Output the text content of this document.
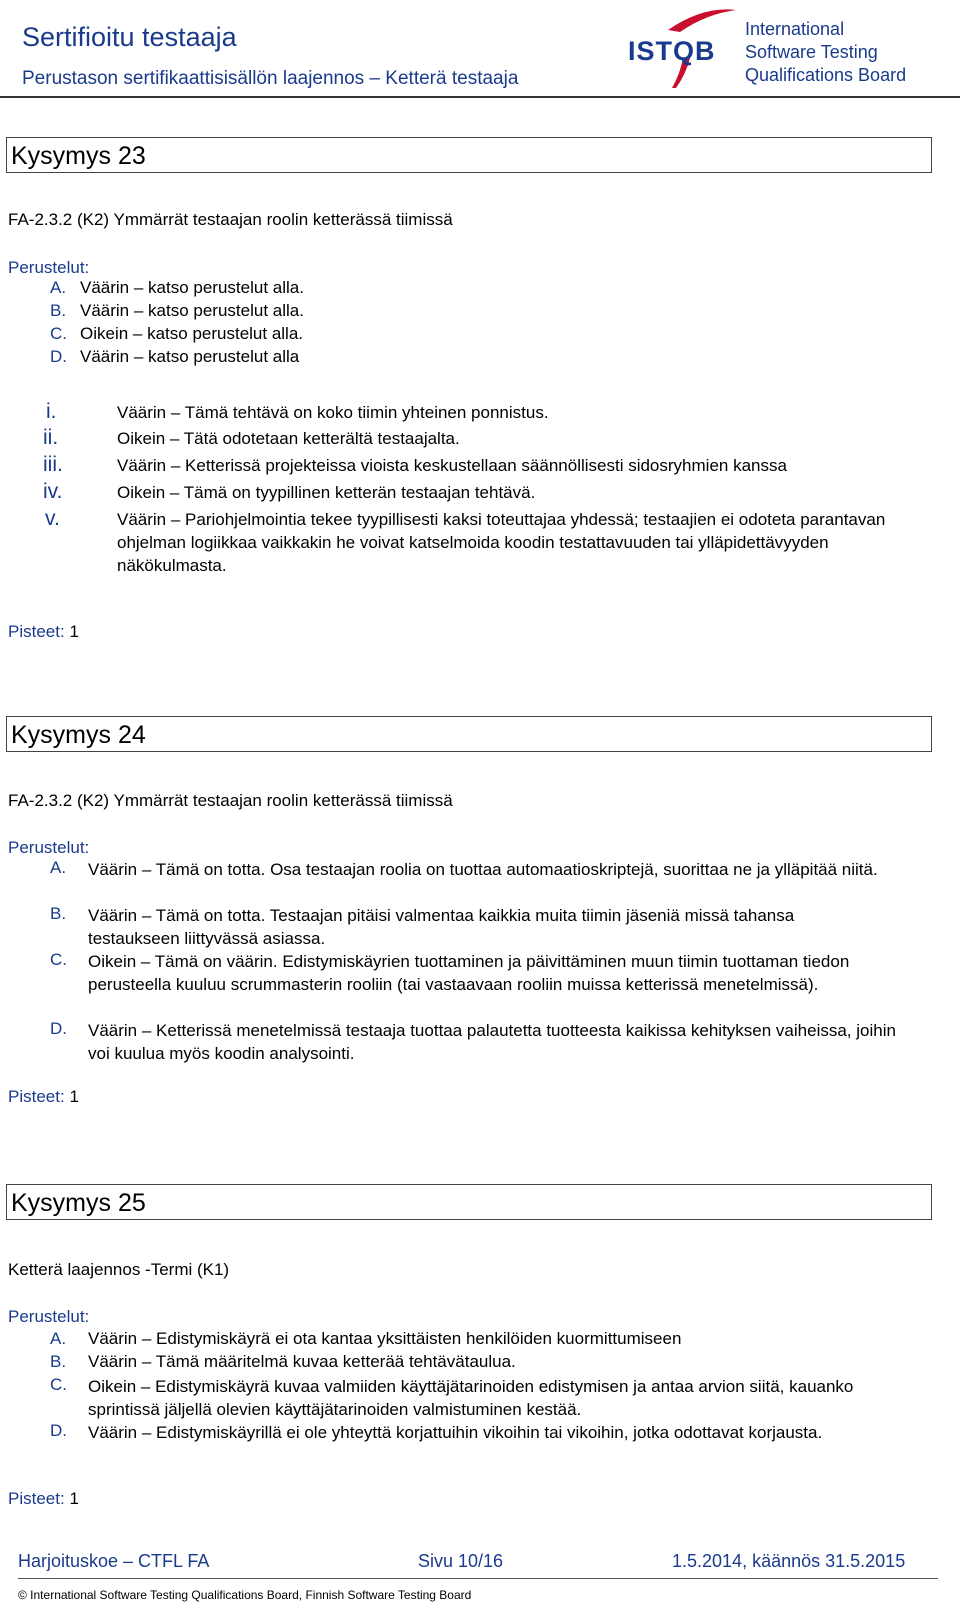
Sertifioitu testaaja
Perustason sertifikaattisisällön laajennos – Ketterä testaaja
ISTQB
International
Software Testing
Qualifications Board
Kysymys 23
FA-2.3.2 (K2) Ymmärrät testaajan roolin ketterässä tiimissä
Perustelut:
A. Väärin – katso perustelut alla.
B. Väärin – katso perustelut alla.
C. Oikein – katso perustelut alla.
D. Väärin – katso perustelut alla
i.	Väärin – Tämä tehtävä on koko tiimin yhteinen ponnistus.
ii.	Oikein – Tätä odotetaan ketterältä testaajalta.
iii.	Väärin – Ketterissä projekteissa vioista keskustellaan säännöllisesti sidosryhmien kanssa
iv.	Oikein – Tämä on tyypillinen ketterän testaajan tehtävä.
v.	Väärin – Pariohjelmointia tekee tyypillisesti kaksi toteuttajaa yhdessä; testaajien ei odoteta parantavan ohjelman logiikkaa vaikkakin he voivat katselmoida koodin testattavuuden tai ylläpidettävyyden näkökulmasta.
Pisteet: 1
Kysymys 24
FA-2.3.2 (K2) Ymmärrät testaajan roolin ketterässä tiimissä
Perustelut:
A. Väärin – Tämä on totta. Osa testaajan roolia on tuottaa automaatioskriptejä, suorittaa ne ja ylläpitää niitä.
B. Väärin – Tämä on totta. Testaajan pitäisi valmentaa kaikkia muita tiimin jäseniä missä tahansa testaukseen liittyvässä asiassa.
C. Oikein – Tämä on väärin. Edistymiskäyrien tuottaminen ja päivittäminen muun tiimin tuottaman tiedon perusteella kuuluu scrummasterin rooliin (tai vastaavaan rooliin muissa ketterissä menetelmissä).
D. Väärin – Ketterissä menetelmissä testaaja tuottaa palautetta tuotteesta kaikissa kehityksen vaiheissa, joihin voi kuulua myös koodin analysointi.
Pisteet: 1
Kysymys 25
Ketterä laajennos -Termi (K1)
Perustelut:
A. Väärin – Edistymiskäyrä ei ota kantaa yksittäisten henkilöiden kuormittumiseen
B. Väärin – Tämä määritelmä kuvaa ketterää tehtävätaulua.
C. Oikein – Edistymiskäyrä kuvaa valmiiden käyttäjätarinoiden edistymisen ja antaa arvion siitä, kauanko sprintissä jäljellä olevien käyttäjätarinoiden valmistuminen kestää.
D. Väärin – Edistymiskäyrillä ei ole yhteyttä korjattuihin vikoihin tai vikoihin, jotka odottavat korjausta.
Pisteet: 1
Harjoituskoe – CTFL FA	Sivu 10/16	1.5.2014, käännös 31.5.2015
© International Software Testing Qualifications Board, Finnish Software Testing Board
